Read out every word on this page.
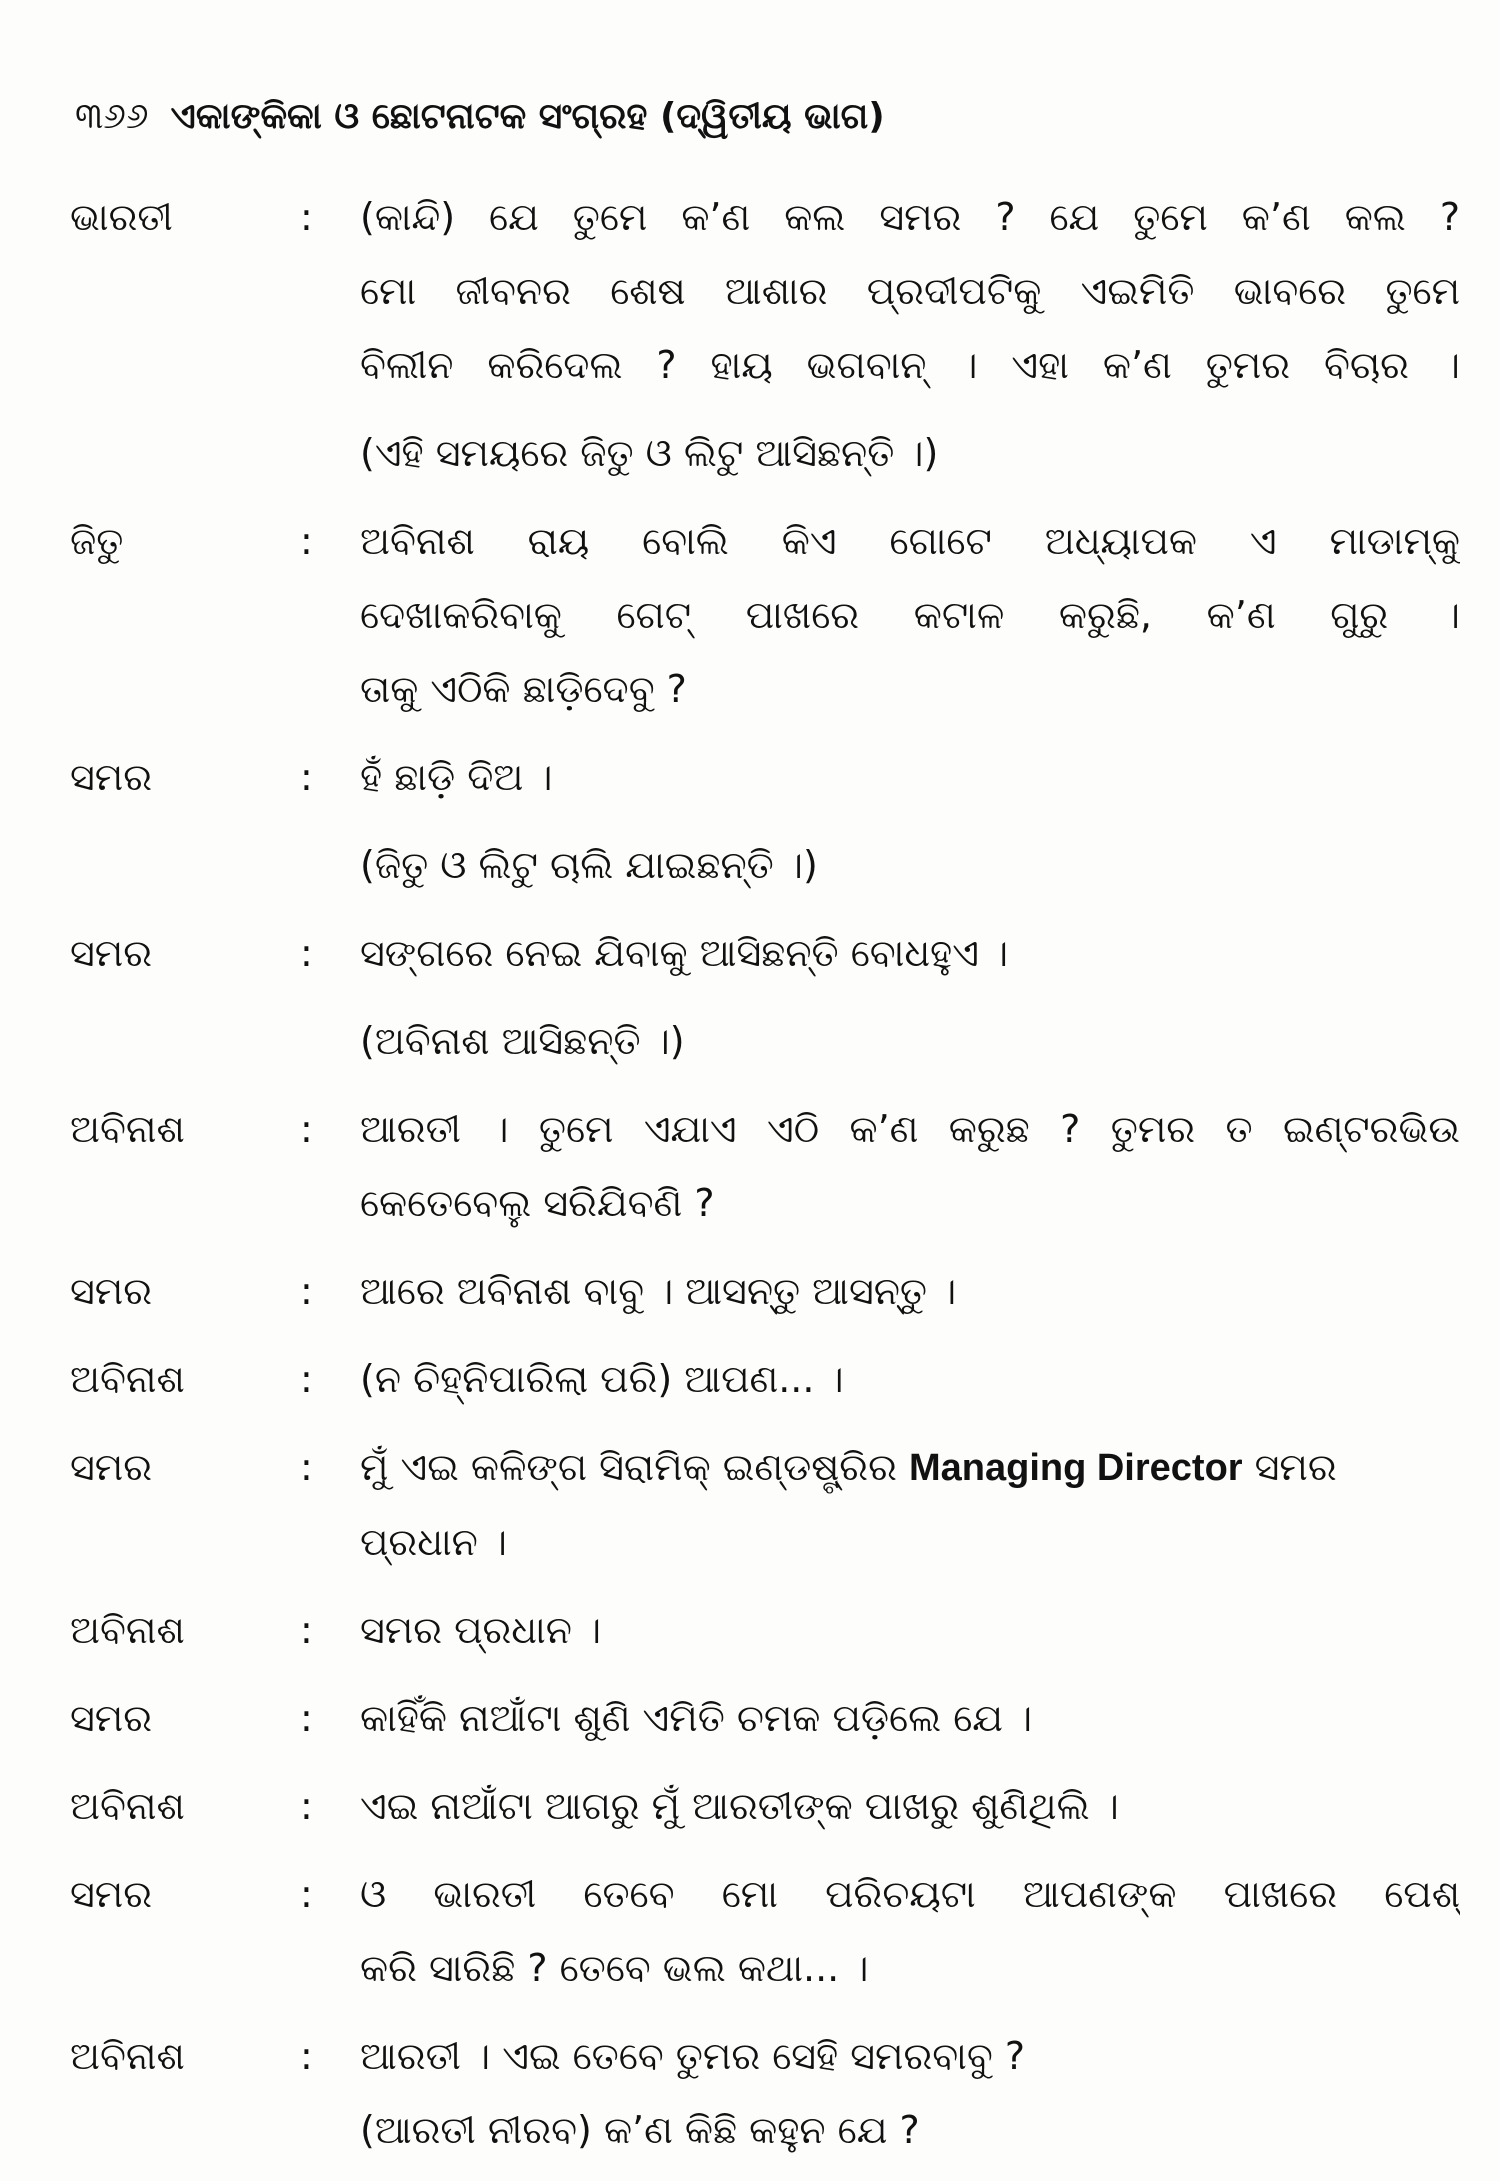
୩୬୬ ଏକାଙ୍କିକା ଓ ଛୋଟନାଟକ ସଂଗ୍ରହ (ଦ୍ୱିତୀୟ ଭାଗ)
ଭାରତୀ	:	(କାନ୍ଦି) ଯେ ତୁମେ କ’ଣ କଲ ସମର ? ଯେ ତୁମେ କ’ଣ କଲ ?
ମୋ ଜୀବନର ଶେଷ ଆଶାର ପ୍ରଦୀପଟିକୁ ଏଇମିତି ଭାବରେ ତୁମେ
ବିଲୀନ କରିଦେଲ ? ହାୟ ଭଗବାନ୍ । ଏହା କ’ଣ ତୁମର ବିଚାର ।
(ଏହି ସମୟରେ ଜିତୁ ଓ ଲିଟୁ ଆସିଛନ୍ତି ।)
ଜିତୁ	:	ଅବିନାଶ ରାୟ ବୋଲି କିଏ ଗୋଟେ ଅଧ୍ୟାପକ ଏ ମାଡାମ୍‌କୁ
ଦେଖାକରିବାକୁ ଗେଟ୍ ପାଖରେ କଟାଳ କରୁଛି, କ’ଣ ଗୁରୁ ।
ତାକୁ ଏଠିକି ଛାଡ଼ିଦେବୁ ?
ସମର	:	ହଁ ଛାଡ଼ି ଦିଅ ।
(ଜିତୁ ଓ ଲିଟୁ ଚାଲି ଯାଇଛନ୍ତି ।)
ସମର	:	ସଙ୍ଗରେ ନେଇ ଯିବାକୁ ଆସିଛନ୍ତି ବୋଧହୁଏ ।
(ଅବିନାଶ ଆସିଛନ୍ତି ।)
ଅବିନାଶ	:	ଆରତୀ । ତୁମେ ଏଯାଏ ଏଠି କ’ଣ କରୁଛ ? ତୁମର ତ ଇଣ୍ଟରଭିଉ
କେତେବେଲୁ ସରିଯିବଣି ?
ସମର	:	ଆରେ ଅବିନାଶ ବାବୁ । ଆସନ୍ତୁ ଆସନ୍ତୁ ।
ଅବିନାଶ	:	(ନ ଚିହ୍ନିପାରିଲା ପରି) ଆପଣ... ।
ସମର	:	ମୁଁ ଏଇ କଳିଙ୍ଗ ସିରାମିକ୍ ଇଣ୍ଡଷ୍ଟ୍ରିର Managing Director ସମର
ପ୍ରଧାନ ।
ଅବିନାଶ	:	ସମର ପ୍ରଧାନ ।
ସମର	:	କାହିଁକି ନାଆଁଟା ଶୁଣି ଏମିତି ଚମକ ପଡ଼ିଲେ ଯେ ।
ଅବିନାଶ	:	ଏଇ ନାଆଁଟା ଆଗରୁ ମୁଁ ଆରତୀଙ୍କ ପାଖରୁ ଶୁଣିଥିଲି ।
ସମର	:	ଓ ଭାରତୀ ତେବେ ମୋ ପରିଚୟଟା ଆପଣଙ୍କ ପାଖରେ ପେଶ୍
କରି ସାରିଛି ? ତେବେ ଭଲ କଥା... ।
ଅବିନାଶ	:	ଆରତୀ । ଏଇ ତେବେ ତୁମର ସେହି ସମରବାବୁ ?
(ଆରତୀ ନୀରବ) କ’ଣ କିଛି କହୁନ ଯେ ?
